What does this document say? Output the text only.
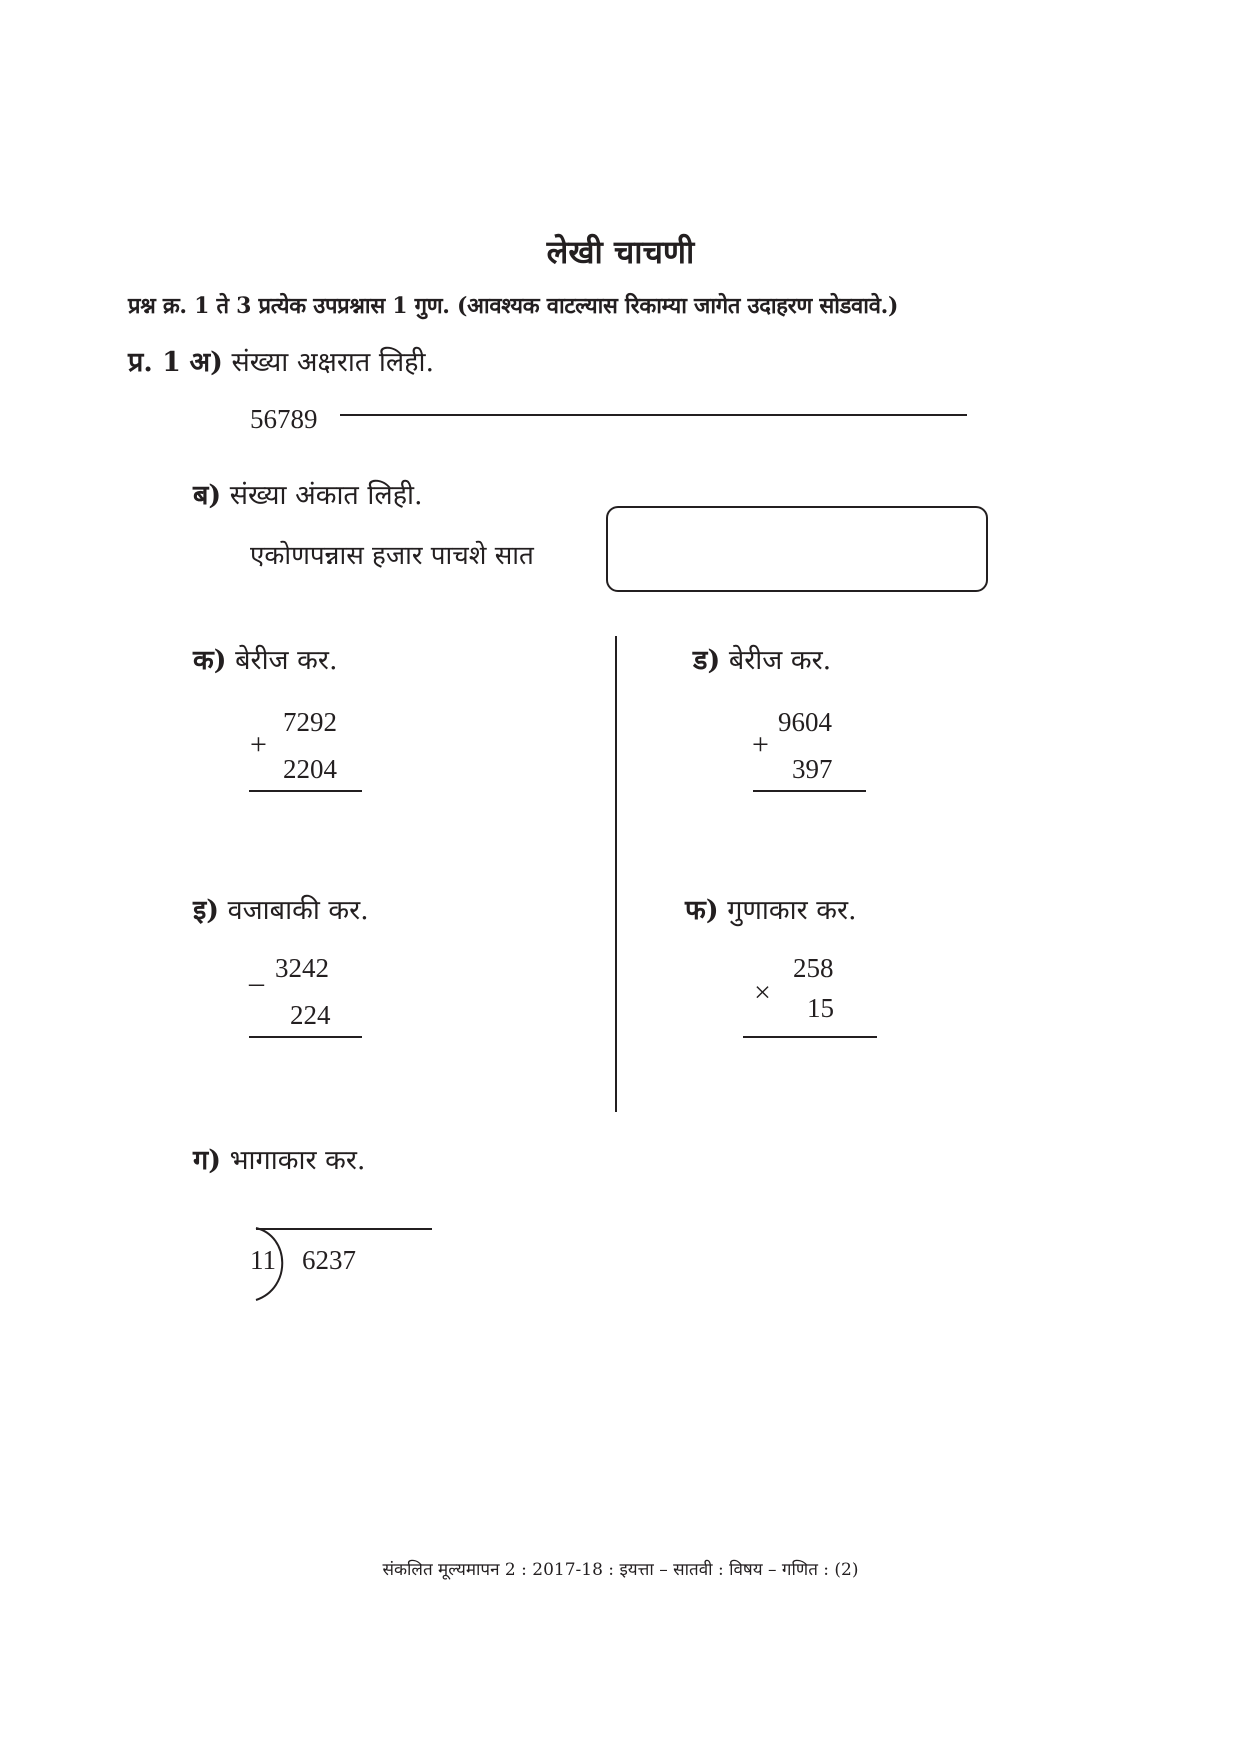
लेखी चाचणी
प्रश्न क्र. 1 ते 3 प्रत्येक उपप्रश्नास 1 गुण. (आवश्यक वाटल्यास रिकाम्या जागेत उदाहरण सोडवावे.)
प्र. 1 अ) संख्या अक्षरात लिही.
56789
ब) संख्या अंकात लिही.
एकोणपन्नास हजार पाचशे सात
क) बेरीज कर.
7292
+
2204
ड) बेरीज कर.
9604
+
397
इ) वजाबाकी कर.
3242
–
224
फ) गुणाकार कर.
258
× 15
ग) भागाकार कर.
11 6237
संकलित मूल्यमापन 2 : 2017-18 : इयत्ता – सातवी : विषय – गणित : (2)
